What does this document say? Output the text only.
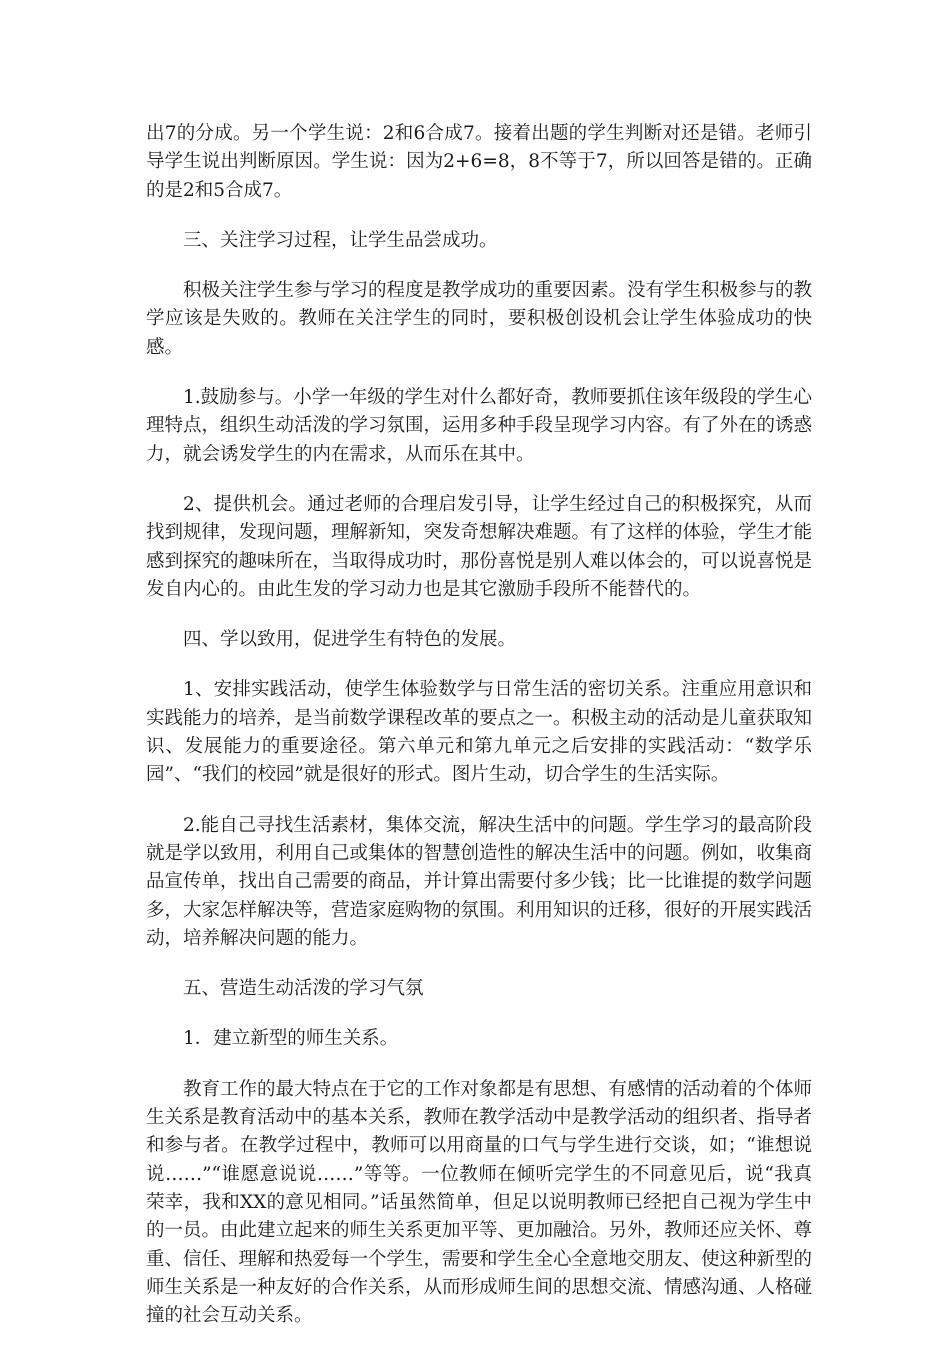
出7的分成。另一个学生说：2和6合成7。接着出题的学生判断对还是错。老师引导学生说出判断原因。学生说：因为2+6=8，8不等于7，所以回答是错的。正确的是2和5合成7。

三、关注学习过程，让学生品尝成功。

积极关注学生参与学习的程度是教学成功的重要因素。没有学生积极参与的教学应该是失败的。教师在关注学生的同时，要积极创设机会让学生体验成功的快感。

1.鼓励参与。小学一年级的学生对什么都好奇，教师要抓住该年级段的学生心理特点，组织生动活泼的学习氛围，运用多种手段呈现学习内容。有了外在的诱惑力，就会诱发学生的内在需求，从而乐在其中。

2、提供机会。通过老师的合理启发引导，让学生经过自己的积极探究，从而找到规律，发现问题，理解新知，突发奇想解决难题。有了这样的体验，学生才能感到探究的趣味所在，当取得成功时，那份喜悦是别人难以体会的，可以说喜悦是发自内心的。由此生发的学习动力也是其它激励手段所不能替代的。

四、学以致用，促进学生有特色的发展。

1、安排实践活动，使学生体验数学与日常生活的密切关系。注重应用意识和实践能力的培养，是当前数学课程改革的要点之一。积极主动的活动是儿童获取知识、发展能力的重要途径。第六单元和第九单元之后安排的实践活动：“数学乐园”、“我们的校园”就是很好的形式。图片生动，切合学生的生活实际。

2.能自己寻找生活素材，集体交流，解决生活中的问题。学生学习的最高阶段就是学以致用，利用自己或集体的智慧创造性的解决生活中的问题。例如，收集商品宣传单，找出自己需要的商品，并计算出需要付多少钱；比一比谁提的数学问题多，大家怎样解决等，营造家庭购物的氛围。利用知识的迁移，很好的开展实践活动，培养解决问题的能力。

五、营造生动活泼的学习气氛

1．建立新型的师生关系。

教育工作的最大特点在于它的工作对象都是有思想、有感情的活动着的个体师生关系是教育活动中的基本关系，教师在教学活动中是教学活动的组织者、指导者和参与者。在教学过程中，教师可以用商量的口气与学生进行交谈，如；“谁想说说……”“谁愿意说说……”等等。一位教师在倾听完学生的不同意见后，说“我真荣幸，我和XX的意见相同。”话虽然简单，但足以说明教师已经把自己视为学生中的一员。由此建立起来的师生关系更加平等、更加融洽。另外，教师还应关怀、尊重、信任、理解和热爱每一个学生，需要和学生全心全意地交朋友、使这种新型的师生关系是一种友好的合作关系，从而形成师生间的思想交流、情感沟通、人格碰撞的社会互动关系。
